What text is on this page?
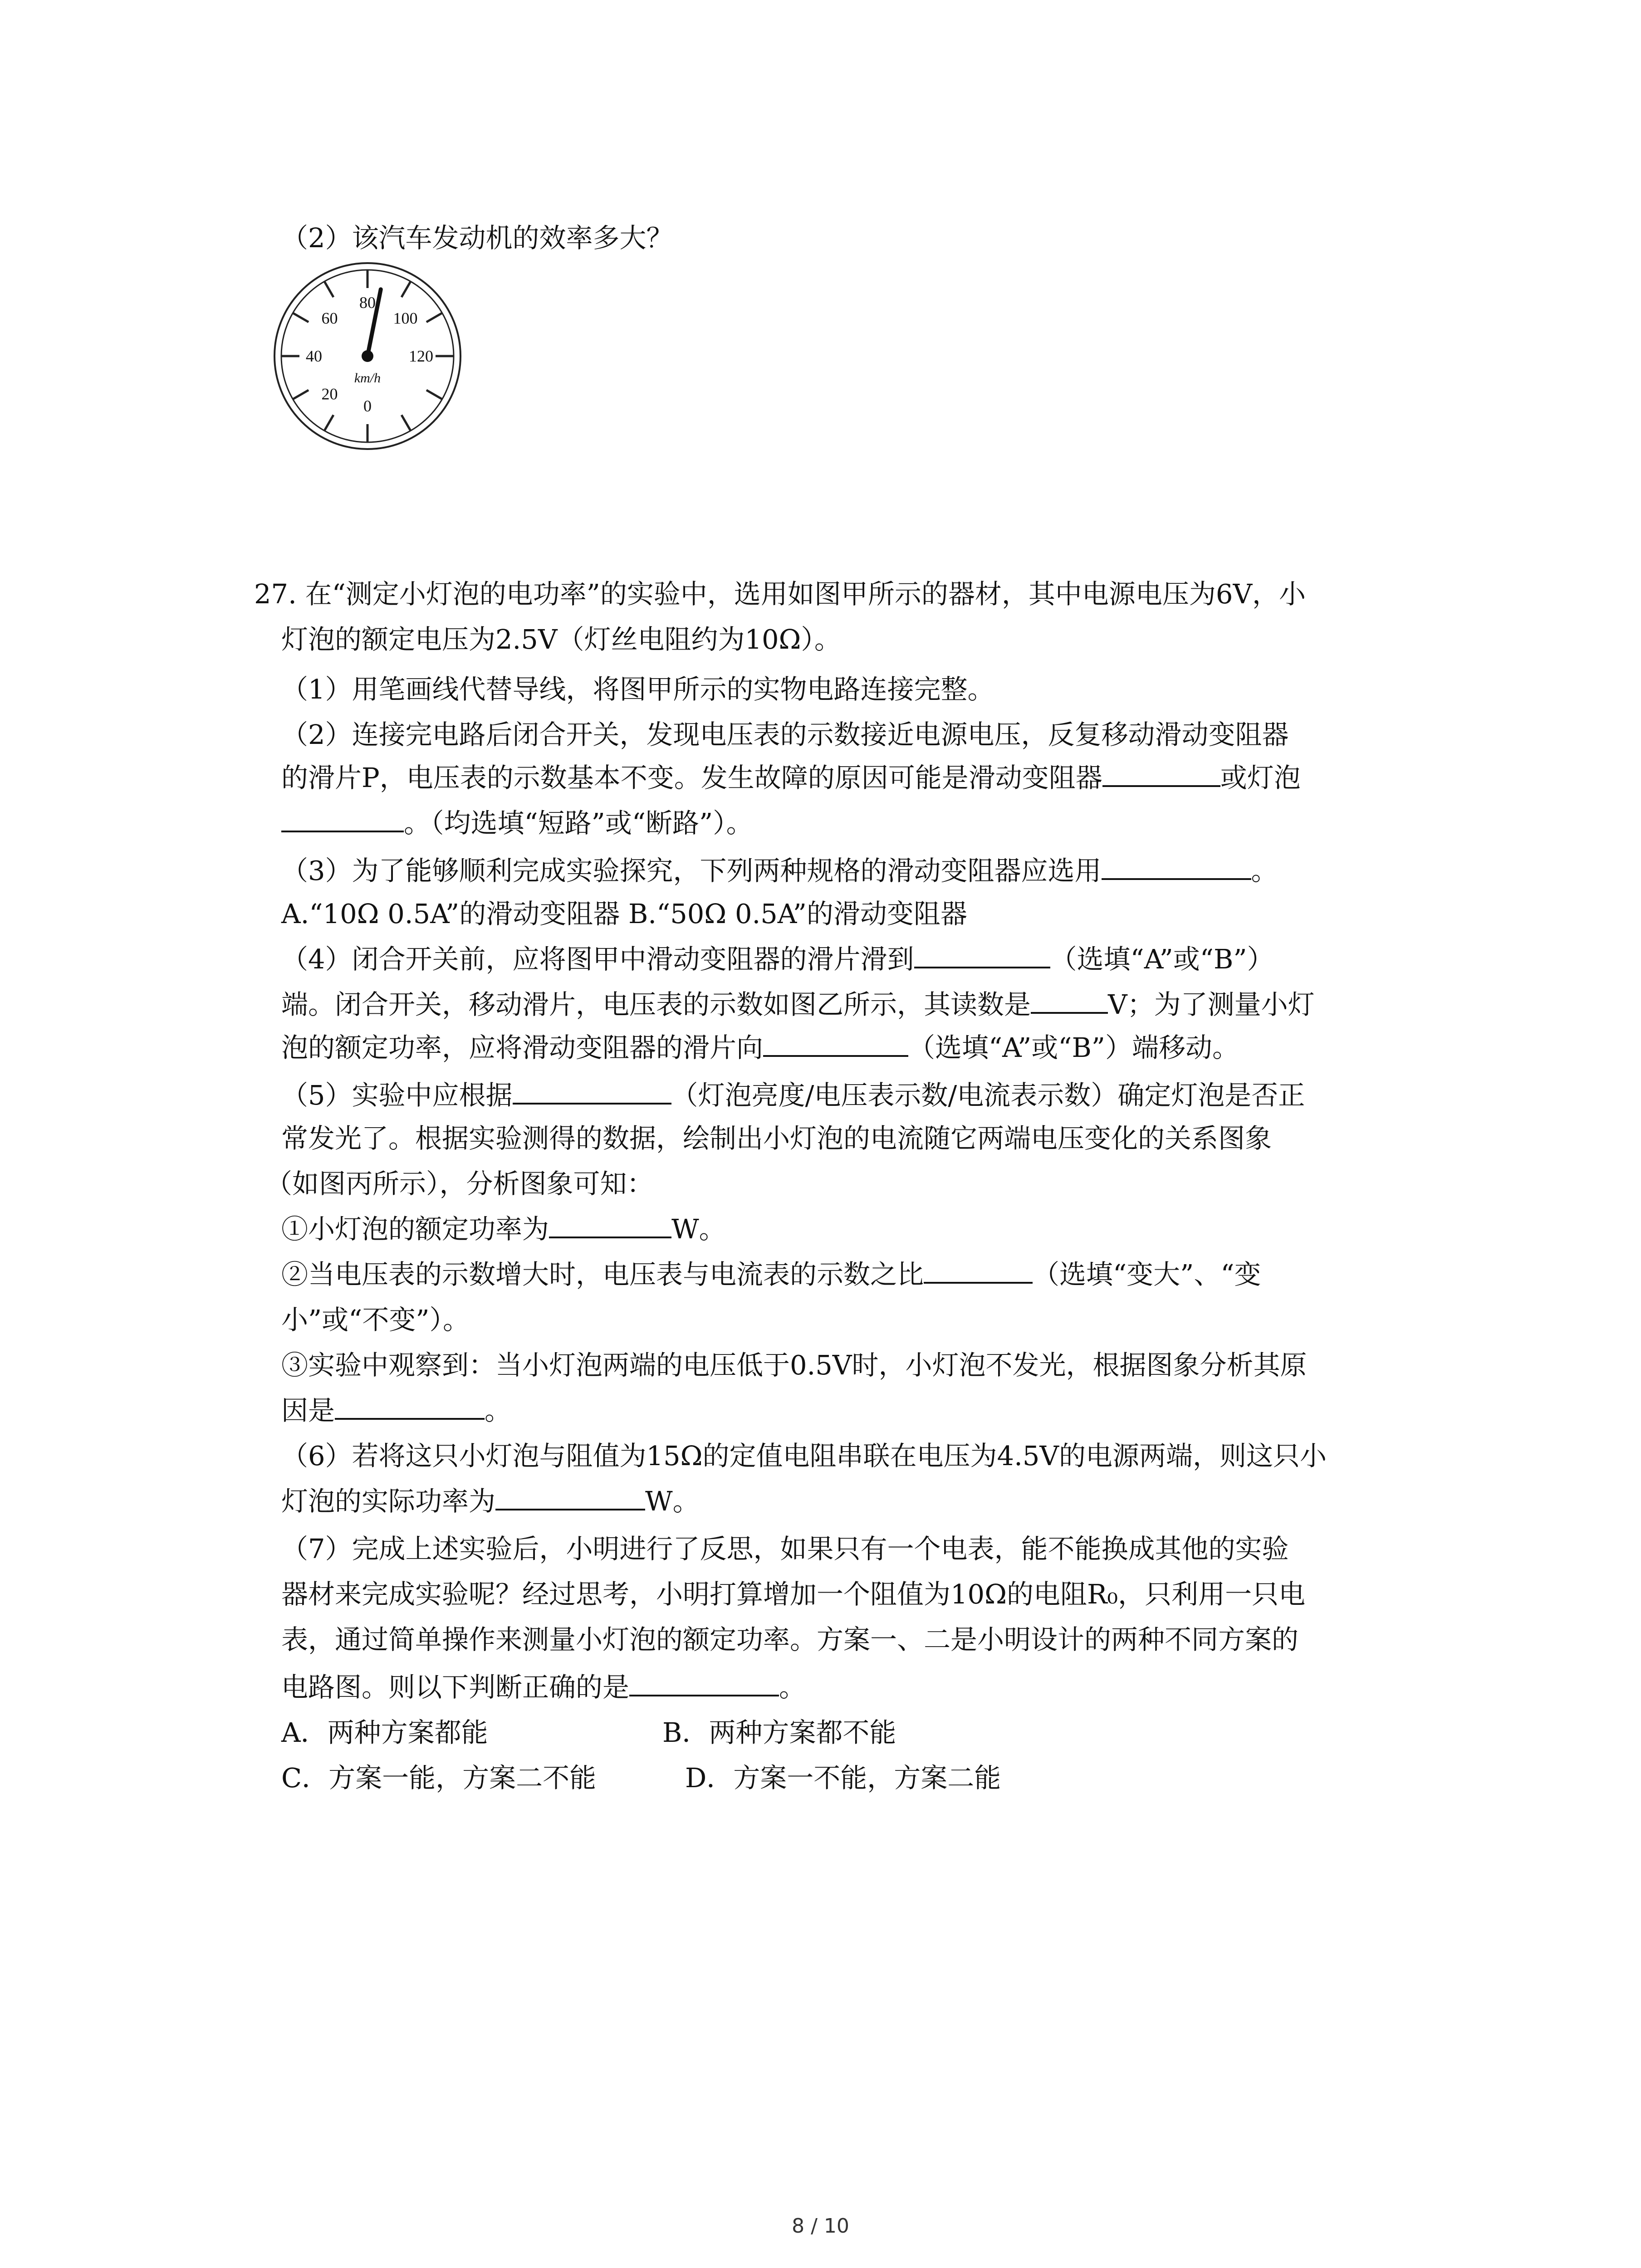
（2）该汽车发动机的效率多大？
0
20
40
60
80
100
120
km/h
27. 在“测定小灯泡的电功率”的实验中，选用如图甲所示的器材，其中电源电压为6V，小
灯泡的额定电压为2.5V（灯丝电阻约为10Ω）。
（1）用笔画线代替导线，将图甲所示的实物电路连接完整。
（2）连接完电路后闭合开关，发现电压表的示数接近电源电压，反复移动滑动变阻器
的滑片P，电压表的示数基本不变。发生故障的原因可能是滑动变阻器	或灯泡
。（均选填“短路”或“断路”）。
（3）为了能够顺利完成实验探究，下列两种规格的滑动变阻器应选用	。
A.“10Ω 0.5A”的滑动变阻器 B.“50Ω 0.5A”的滑动变阻器
（4）闭合开关前，应将图甲中滑动变阻器的滑片滑到	（选填“A”或“B”）
端。闭合开关，移动滑片，电压表的示数如图乙所示，其读数是	V；为了测量小灯
泡的额定功率，应将滑动变阻器的滑片向	（选填“A”或“B”）端移动。
（5）实验中应根据	（灯泡亮度/电压表示数/电流表示数）确定灯泡是否正
常发光了。根据实验测得的数据，绘制出小灯泡的电流随它两端电压变化的关系图象
（如图丙所示），分析图象可知：
①小灯泡的额定功率为	W。
②当电压表的示数增大时，电压表与电流表的示数之比	（选填“变大”、“变
小”或“不变”）。
③实验中观察到：当小灯泡两端的电压低于0.5V时，小灯泡不发光，根据图象分析其原
因是	。
（6）若将这只小灯泡与阻值为15Ω的定值电阻串联在电压为4.5V的电源两端，则这只小
灯泡的实际功率为	W。
（7）完成上述实验后，小明进行了反思，如果只有一个电表，能不能换成其他的实验
器材来完成实验呢？经过思考，小明打算增加一个阻值为10Ω的电阻R₀，只利用一只电
表，通过简单操作来测量小灯泡的额定功率。方案一、二是小明设计的两种不同方案的
电路图。则以下判断正确的是	。
A．两种方案都能	B．两种方案都不能
C．方案一能，方案二不能	D．方案一不能，方案二能
8 / 10
